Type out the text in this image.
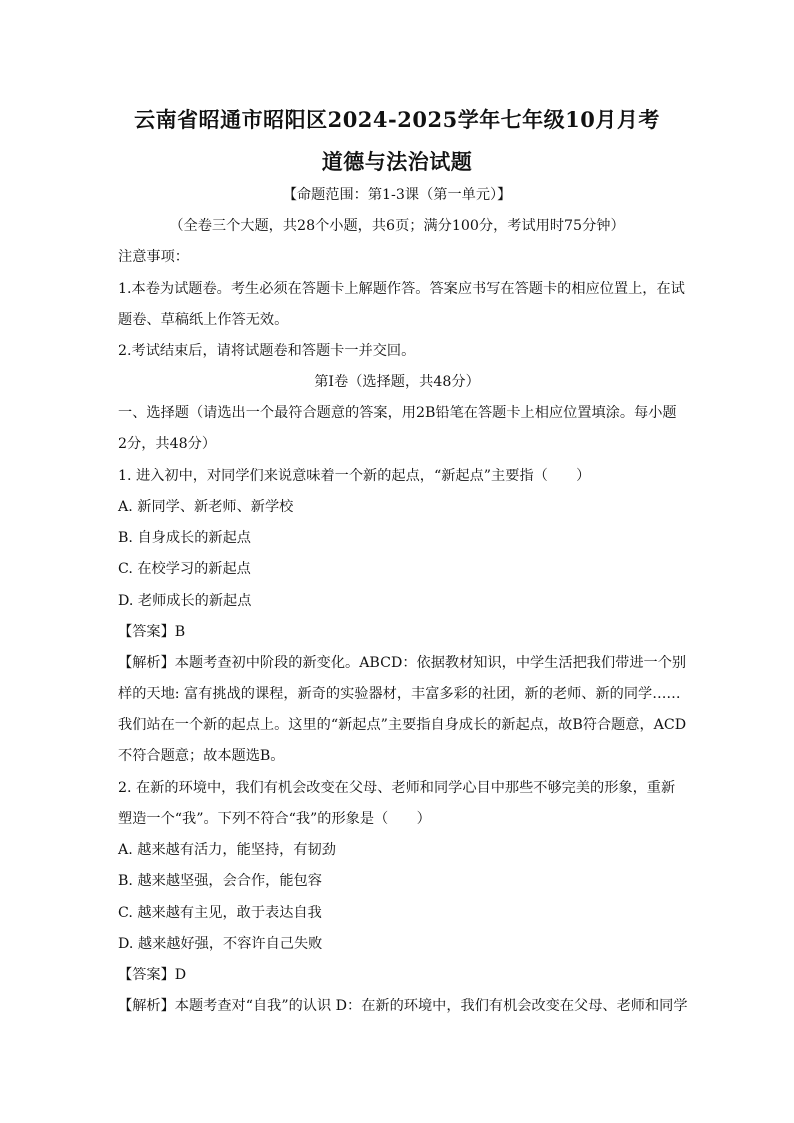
云南省昭通市昭阳区2024-2025学年七年级10月月考
道德与法治试题
【命题范围：第1-3课（第一单元）】
（全卷三个大题，共28个小题，共6页；满分100分，考试用时75分钟）
注意事项：
1.本卷为试题卷。考生必须在答题卡上解题作答。答案应书写在答题卡的相应位置上，在试
题卷、草稿纸上作答无效。
2.考试结束后，请将试题卷和答题卡一并交回。
第Ⅰ卷（选择题，共48分）
一、选择题（请选出一个最符合题意的答案，用2B铅笔在答题卡上相应位置填涂。每小题
2分，共48分）
1. 进入初中，对同学们来说意味着一个新的起点，“新起点”主要指（　　）
A. 新同学、新老师、新学校
B. 自身成长的新起点
C. 在校学习的新起点
D. 老师成长的新起点
【答案】B
【解析】本题考查初中阶段的新变化。ABCD：依据教材知识，中学生活把我们带进一个别
样的天地: 富有挑战的课程，新奇的实验器材，丰富多彩的社团，新的老师、新的同学……
我们站在一个新的起点上。这里的“新起点”主要指自身成长的新起点，故B符合题意，ACD
不符合题意；故本题选B。
2. 在新的环境中，我们有机会改变在父母、老师和同学心目中那些不够完美的形象，重新
塑造一个“我”。下列不符合“我”的形象是（　　）
A. 越来越有活力，能坚持，有韧劲
B. 越来越坚强，会合作，能包容
C. 越来越有主见，敢于表达自我
D. 越来越好强，不容许自己失败
【答案】D
【解析】本题考查对“自我”的认识 D：在新的环境中，我们有机会改变在父母、老师和同学
